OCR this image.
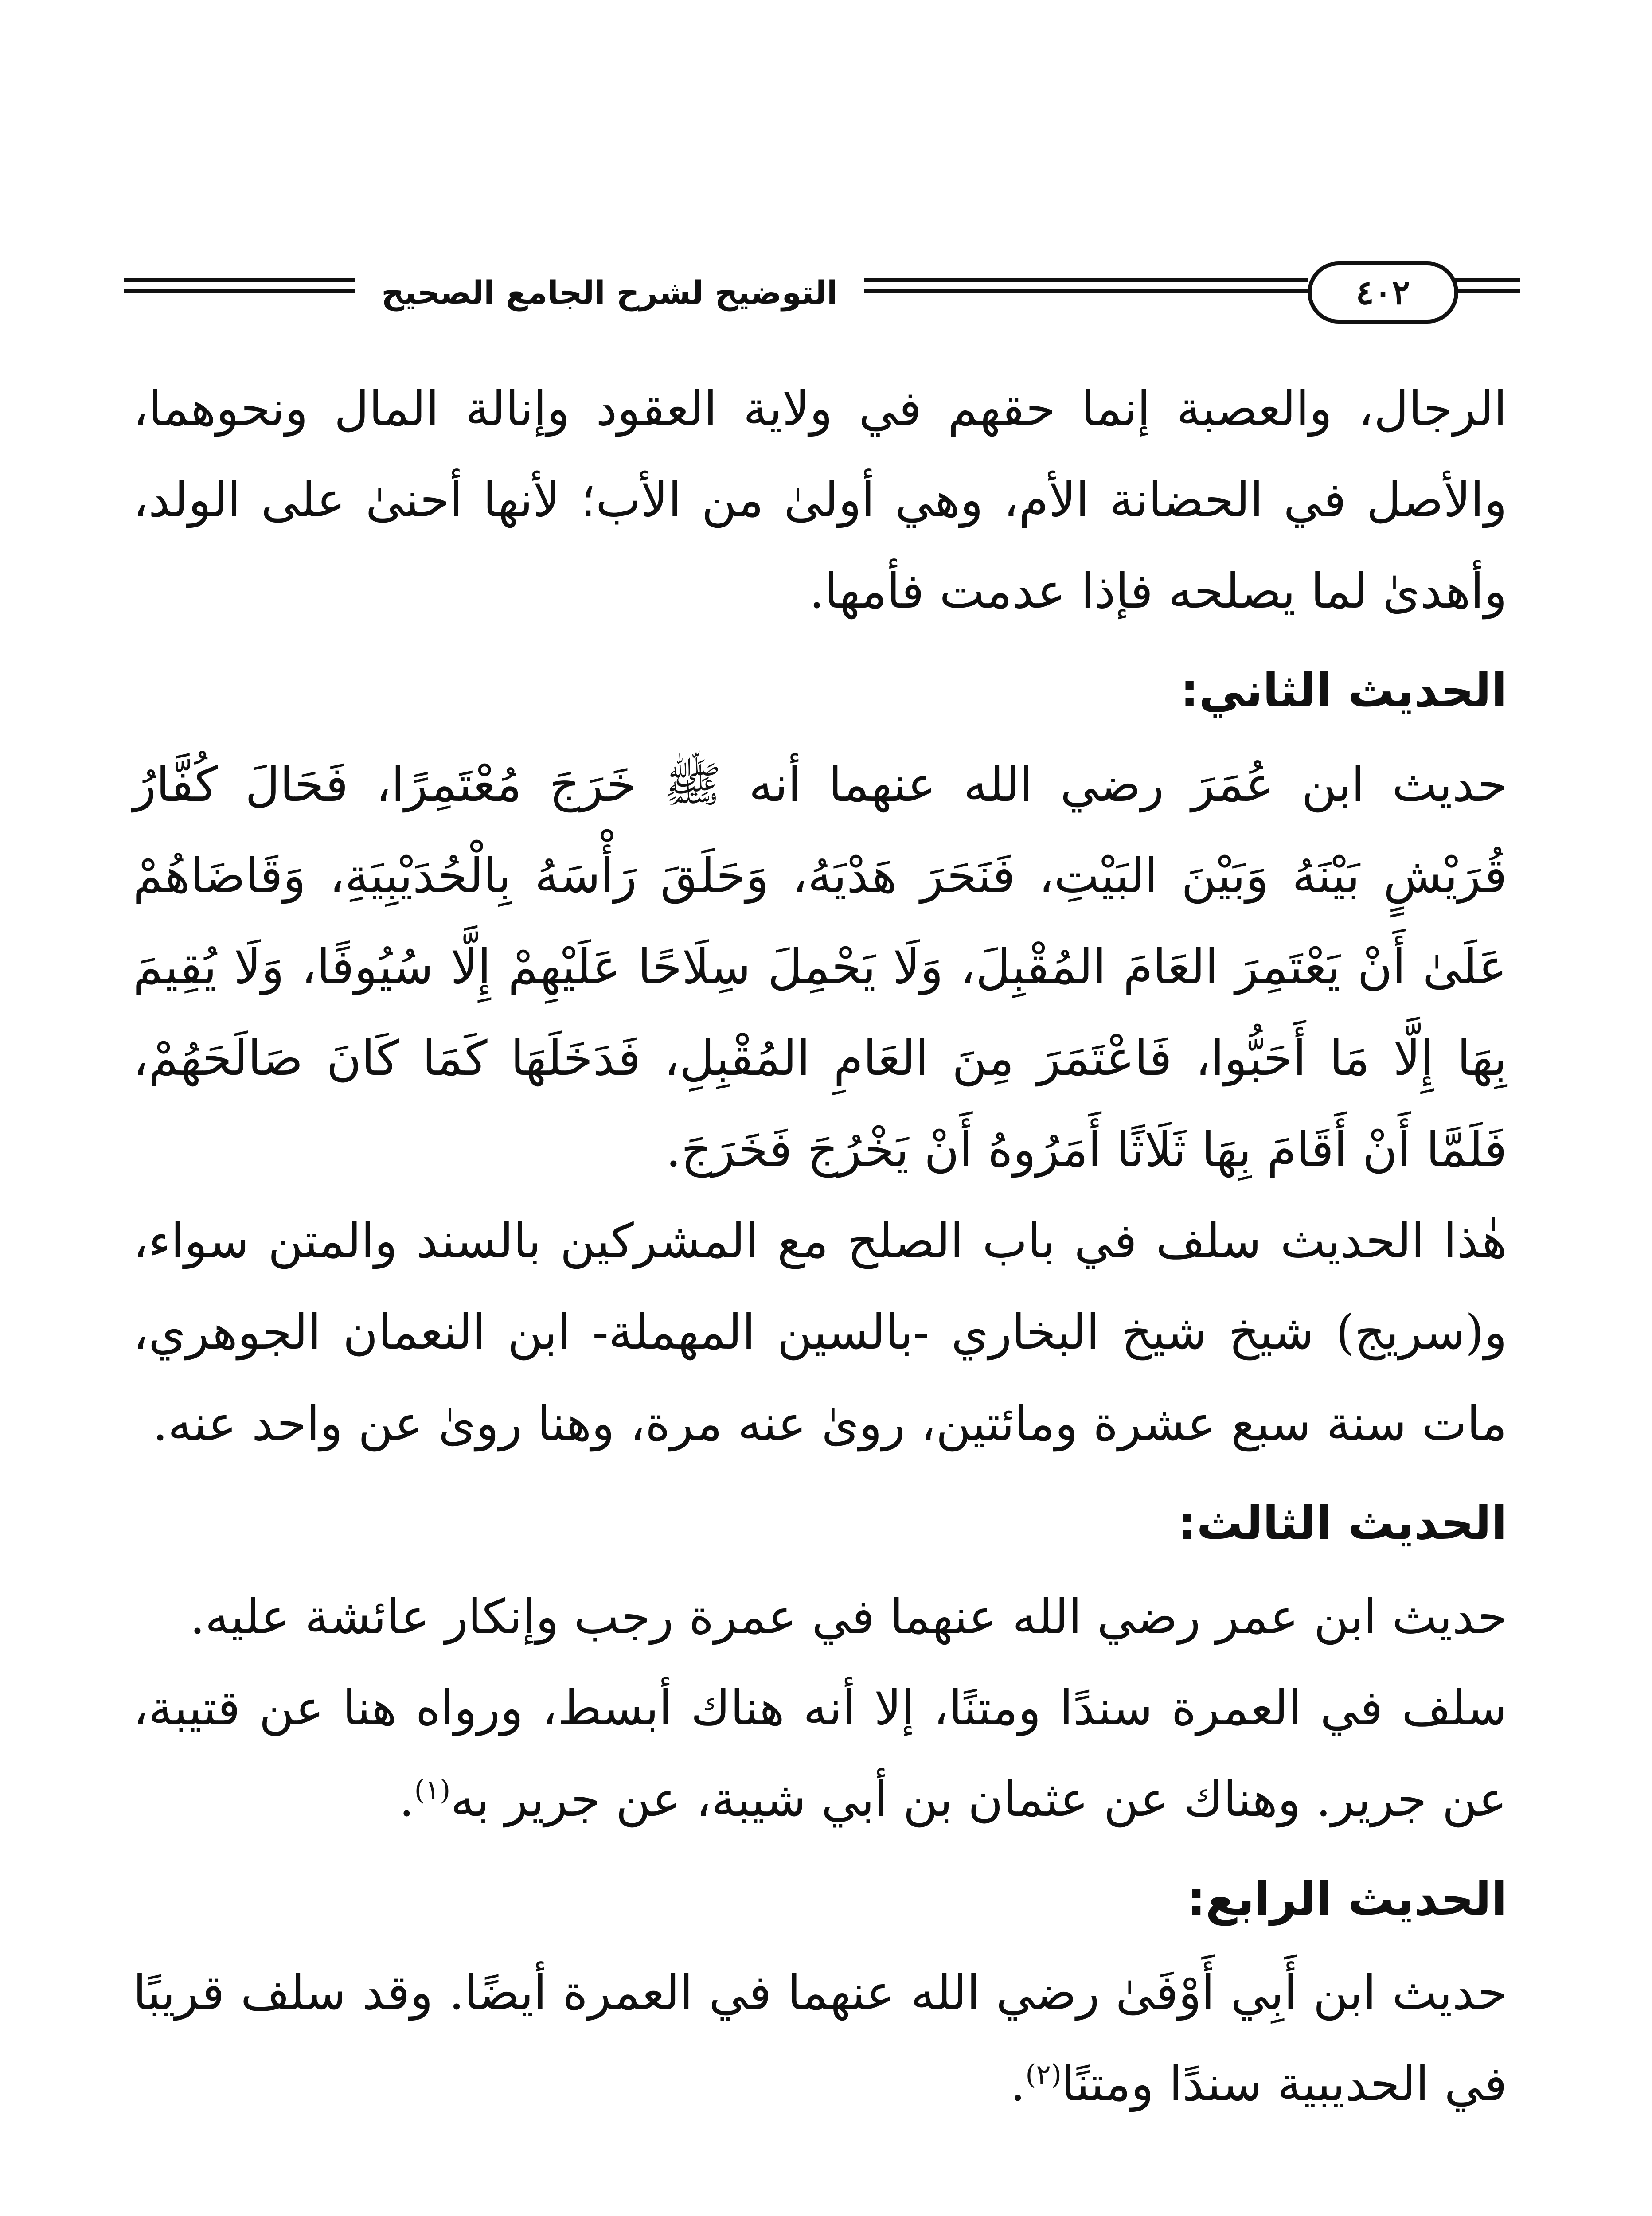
التوضيح لشرح الجامع الصحيح	٤٠٢

الرجال، والعصبة إنما حقهم في ولاية العقود وإنالة المال ونحوهما، والأصل في الحضانة الأم، وهي أولىٰ من الأب؛ لأنها أحنىٰ على الولد، وأهدىٰ لما يصلحه فإذا عدمت فأمها.

الحديث الثاني:

حديث ابن عُمَرَ رضي الله عنهما أنه ﷺ خَرَجَ مُعْتَمِرًا، فَحَالَ كُفَّارُ قُرَيْشٍ بَيْنَهُ وَبَيْنَ البَيْتِ، فَنَحَرَ هَدْيَهُ، وَحَلَقَ رَأْسَهُ بِالْحُدَيْبِيَةِ، وَقَاضَاهُمْ عَلَىٰ أَنْ يَعْتَمِرَ العَامَ المُقْبِلَ، وَلَا يَحْمِلَ سِلَاحًا عَلَيْهِمْ إِلَّا سُيُوفًا، وَلَا يُقِيمَ بِهَا إِلَّا مَا أَحَبُّوا، فَاعْتَمَرَ مِنَ العَامِ المُقْبِلِ، فَدَخَلَهَا كَمَا كَانَ صَالَحَهُمْ، فَلَمَّا أَنْ أَقَامَ بِهَا ثَلَاثًا أَمَرُوهُ أَنْ يَخْرُجَ فَخَرَجَ.

هٰذا الحديث سلف في باب الصلح مع المشركين بالسند والمتن سواء، و(سريج) شيخ شيخ البخاري -بالسين المهملة- ابن النعمان الجوهري، مات سنة سبع عشرة ومائتين، روىٰ عنه مرة، وهنا روىٰ عن واحد عنه.

الحديث الثالث:

حديث ابن عمر رضي الله عنهما في عمرة رجب وإنكار عائشة عليه.

سلف في العمرة سندًا ومتنًا، إلا أنه هناك أبسط، ورواه هنا عن قتيبة، عن جرير. وهناك عن عثمان بن أبي شيبة، عن جرير به$^{(١)}$.

الحديث الرابع:

حديث ابن أَبِي أَوْفَىٰ رضي الله عنهما في العمرة أيضًا. وقد سلف قريبًا في الحديبية سندًا ومتنًا$^{(٢)}$.
